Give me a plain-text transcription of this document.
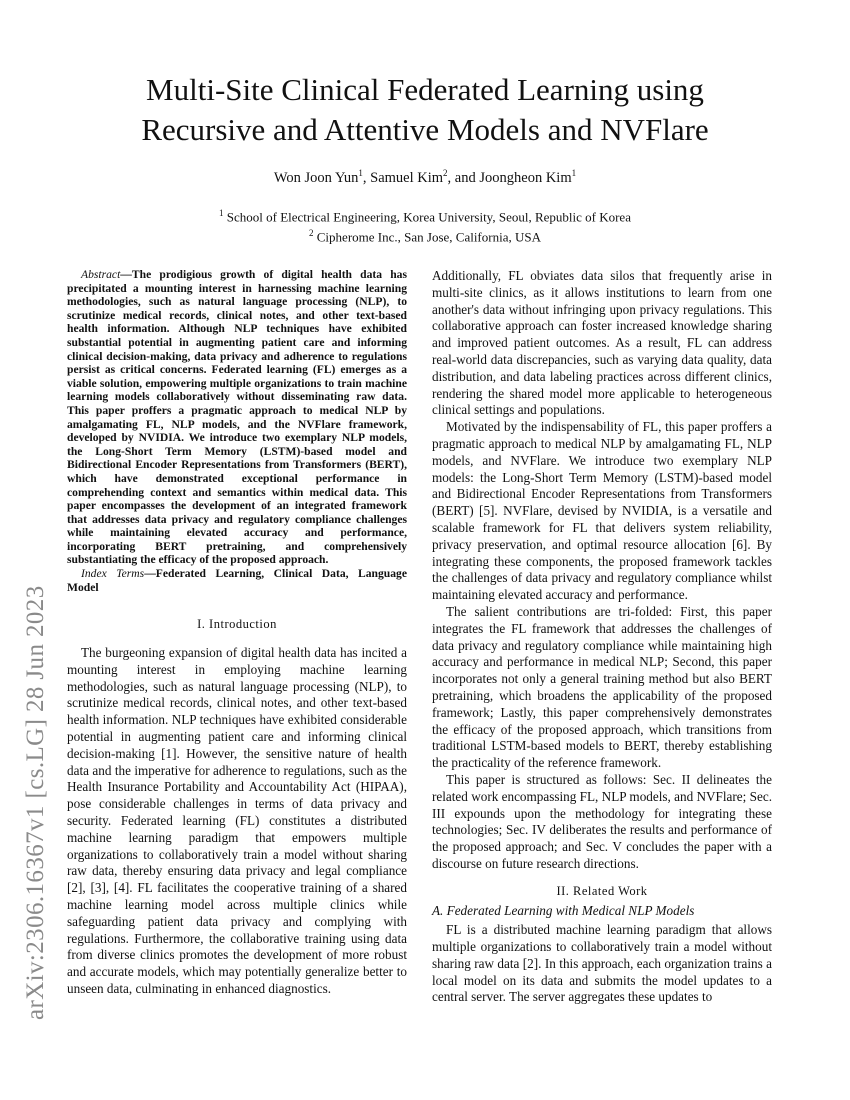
arXiv:2306.16367v1 [cs.LG] 28 Jun 2023
Multi-Site Clinical Federated Learning using
Recursive and Attentive Models and NVFlare
Won Joon Yun$^1$, Samuel Kim$^2$, and Joongheon Kim$^1$
$^1$ School of Electrical Engineering, Korea University, Seoul, Republic of Korea
$^2$ Cipherome Inc., San Jose, California, USA

Abstract—The prodigious growth of digital health data has precipitated a mounting interest in harnessing machine learning methodologies, such as natural language processing (NLP), to scrutinize medical records, clinical notes, and other text-based health information. Although NLP techniques have exhibited substantial potential in augmenting patient care and informing clinical decision-making, data privacy and adherence to regulations persist as critical concerns. Federated learning (FL) emerges as a viable solution, empowering multiple organizations to train machine learning models collaboratively without disseminating raw data. This paper proffers a pragmatic approach to medical NLP by amalgamating FL, NLP models, and the NVFlare framework, developed by NVIDIA. We introduce two exemplary NLP models, the Long-Short Term Memory (LSTM)-based model and Bidirectional Encoder Representations from Transformers (BERT), which have demonstrated exceptional performance in comprehending context and semantics within medical data. This paper encompasses the development of an integrated framework that addresses data privacy and regulatory compliance challenges while maintaining elevated accuracy and performance, incorporating BERT pretraining, and comprehensively substantiating the efficacy of the proposed approach.

Index Terms—Federated Learning, Clinical Data, Language Model

I. Introduction

The burgeoning expansion of digital health data has incited a mounting interest in employing machine learning methodologies, such as natural language processing (NLP), to scrutinize medical records, clinical notes, and other text-based health information. NLP techniques have exhibited considerable potential in augmenting patient care and informing clinical decision-making [1]. However, the sensitive nature of health data and the imperative for adherence to regulations, such as the Health Insurance Portability and Accountability Act (HIPAA), pose considerable challenges in terms of data privacy and security. Federated learning (FL) constitutes a distributed machine learning paradigm that empowers multiple organizations to collaboratively train a model without sharing raw data, thereby ensuring data privacy and legal compliance [2], [3], [4]. FL facilitates the cooperative training of a shared machine learning model across multiple clinics while safeguarding patient data privacy and complying with regulations. Furthermore, the collaborative training using data from diverse clinics promotes the development of more robust and accurate models, which may potentially generalize better to unseen data, culminating in enhanced diagnostics.

Additionally, FL obviates data silos that frequently arise in multi-site clinics, as it allows institutions to learn from one another's data without infringing upon privacy regulations. This collaborative approach can foster increased knowledge sharing and improved patient outcomes. As a result, FL can address real-world data discrepancies, such as varying data quality, data distribution, and data labeling practices across different clinics, rendering the shared model more applicable to heterogeneous clinical settings and populations.

Motivated by the indispensability of FL, this paper proffers a pragmatic approach to medical NLP by amalgamating FL, NLP models, and NVFlare. We introduce two exemplary NLP models: the Long-Short Term Memory (LSTM)-based model and Bidirectional Encoder Representations from Transformers (BERT) [5]. NVFlare, devised by NVIDIA, is a versatile and scalable framework for FL that delivers system reliability, privacy preservation, and optimal resource allocation [6]. By integrating these components, the proposed framework tackles the challenges of data privacy and regulatory compliance whilst maintaining elevated accuracy and performance.

The salient contributions are tri-folded: First, this paper integrates the FL framework that addresses the challenges of data privacy and regulatory compliance while maintaining high accuracy and performance in medical NLP; Second, this paper incorporates not only a general training method but also BERT pretraining, which broadens the applicability of the proposed framework; Lastly, this paper comprehensively demonstrates the efficacy of the proposed approach, which transitions from traditional LSTM-based models to BERT, thereby establishing the practicality of the reference framework.

This paper is structured as follows: Sec. II delineates the related work encompassing FL, NLP models, and NVFlare; Sec. III expounds upon the methodology for integrating these technologies; Sec. IV deliberates the results and performance of the proposed approach; and Sec. V concludes the paper with a discourse on future research directions.

II. Related Work
A. Federated Learning with Medical NLP Models

FL is a distributed machine learning paradigm that allows multiple organizations to collaboratively train a model without sharing raw data [2]. In this approach, each organization trains a local model on its data and submits the model updates to a central server. The server aggregates these updates to
